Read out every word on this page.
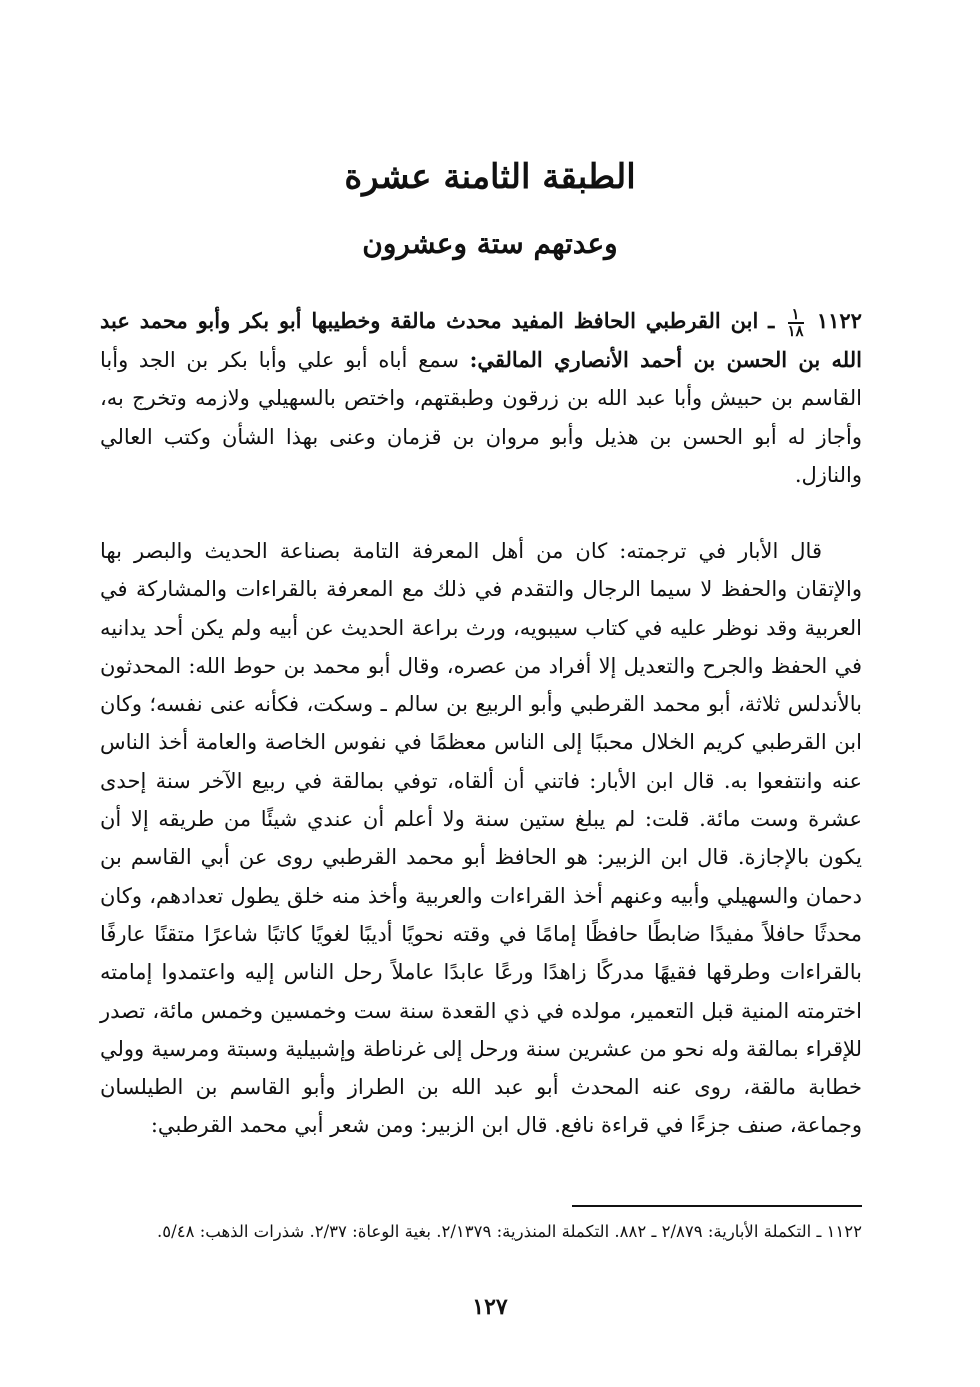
الطبقة الثامنة عشرة
وعدتهم ستة وعشرون
١١٢٢
$\frac{١}{١٨}$
ـ ابن القرطبي الحافظ المفيد محدث مالقة وخطيبها أبو بكر وأبو محمد عبد الله بن الحسن بن أحمد الأنصاري المالقي: سمع أباه أبو علي وأبا بكر بن الجد وأبا القاسم بن حبيش وأبا عبد الله بن زرقون وطبقتهم، واختص بالسهيلي ولازمه وتخرج به، وأجاز له أبو الحسن بن هذيل وأبو مروان بن قزمان وعنى بهذا الشأن وكتب العالي والنازل.
قال الأبار في ترجمته: كان من أهل المعرفة التامة بصناعة الحديث والبصر بها والإتقان والحفظ لا سيما الرجال والتقدم في ذلك مع المعرفة بالقراءات والمشاركة في العربية وقد نوظر عليه في كتاب سيبويه، ورث براعة الحديث عن أبيه ولم يكن أحد يدانيه في الحفظ والجرح والتعديل إلا أفراد من عصره، وقال أبو محمد بن حوط الله: المحدثون بالأندلس ثلاثة، أبو محمد القرطبي وأبو الربيع بن سالم ـ وسكت، فكأنه عنى نفسه؛ وكان ابن القرطبي كريم الخلال محببًا إلى الناس معظمًا في نفوس الخاصة والعامة أخذ الناس عنه وانتفعوا به. قال ابن الأبار: فاتني أن ألقاه، توفي بمالقة في ربيع الآخر سنة إحدى عشرة وست مائة. قلت: لم يبلغ ستين سنة ولا أعلم أن عندي شيئًا من طريقه إلا أن يكون بالإجازة. قال ابن الزبير: هو الحافظ أبو محمد القرطبي روى عن أبي القاسم بن دحمان والسهيلي وأبيه وعنهم أخذ القراءات والعربية وأخذ منه خلق يطول تعدادهم، وكان محدثًا حافلاً مفيدًا ضابطًا حافظًا إمامًا في وقته نحويًا أديبًا لغويًا كاتبًا شاعرًا متقنًا عارفًا بالقراءات وطرقها فقيهًا مدركًا زاهدًا ورعًا عابدًا عاملاً رحل الناس إليه واعتمدوا إمامته اخترمته المنية قبل التعمير، مولده في ذي القعدة سنة ست وخمسين وخمس مائة، تصدر للإقراء بمالقة وله نحو من عشرين سنة ورحل إلى غرناطة وإشبيلية وسبتة ومرسية وولي خطابة مالقة، روى عنه المحدث أبو عبد الله بن الطراز وأبو القاسم بن الطيلسان وجماعة، صنف جزءًا في قراءة نافع. قال ابن الزبير: ومن شعر أبي محمد القرطبي:
١١٢٢ ـ التكملة الأبارية: ٢/٨٧٩ ـ ٨٨٢. التكملة المنذرية: ٢/١٣٧٩. بغية الوعاة: ٢/٣٧. شذرات الذهب: ٥/٤٨.
١٢٧
